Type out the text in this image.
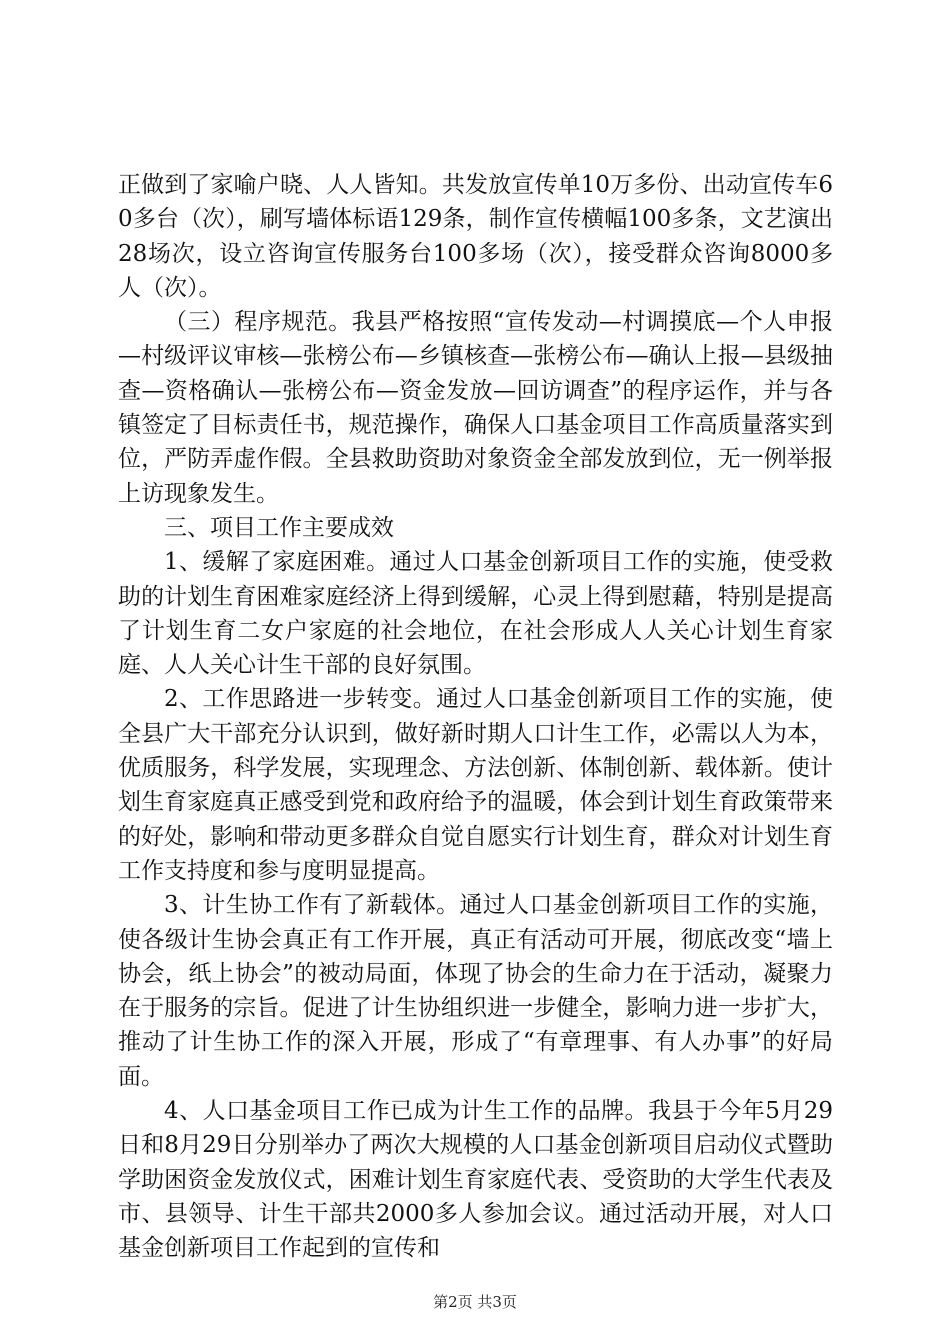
正做到了家喻户晓、人人皆知。共发放宣传单10万多份、出动宣传车60多台（次），刷写墙体标语129条，制作宣传横幅100多条，文艺演出28场次，设立咨询宣传服务台100多场（次），接受群众咨询8000多人（次）。

（三）程序规范。我县严格按照“宣传发动—村调摸底—个人申报—村级评议审核—张榜公布—乡镇核查—张榜公布—确认上报—县级抽查—资格确认—张榜公布—资金发放—回访调查”的程序运作，并与各镇签定了目标责任书，规范操作，确保人口基金项目工作高质量落实到位，严防弄虚作假。全县救助资助对象资金全部发放到位，无一例举报上访现象发生。

三、项目工作主要成效

1、缓解了家庭困难。通过人口基金创新项目工作的实施，使受救助的计划生育困难家庭经济上得到缓解，心灵上得到慰藉，特别是提高了计划生育二女户家庭的社会地位，在社会形成人人关心计划生育家庭、人人关心计生干部的良好氛围。

2、工作思路进一步转变。通过人口基金创新项目工作的实施，使全县广大干部充分认识到，做好新时期人口计生工作，必需以人为本，优质服务，科学发展，实现理念、方法创新、体制创新、载体新。使计划生育家庭真正感受到党和政府给予的温暖，体会到计划生育政策带来的好处，影响和带动更多群众自觉自愿实行计划生育，群众对计划生育工作支持度和参与度明显提高。

3、计生协工作有了新载体。通过人口基金创新项目工作的实施，使各级计生协会真正有工作开展，真正有活动可开展，彻底改变“墙上协会，纸上协会”的被动局面，体现了协会的生命力在于活动，凝聚力在于服务的宗旨。促进了计生协组织进一步健全，影响力进一步扩大，推动了计生协工作的深入开展，形成了“有章理事、有人办事”的好局面。

4、人口基金项目工作已成为计生工作的品牌。我县于今年5月29日和8月29日分别举办了两次大规模的人口基金创新项目启动仪式暨助学助困资金发放仪式，困难计划生育家庭代表、受资助的大学生代表及市、县领导、计生干部共2000多人参加会议。通过活动开展，对人口基金创新项目工作起到的宣传和

第2页 共3页
